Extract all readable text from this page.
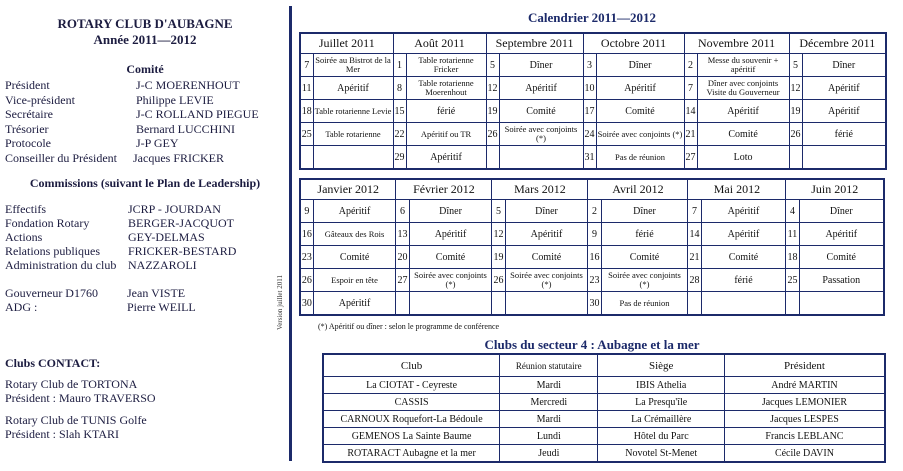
ROTARY CLUB D'AUBAGNE
Année 2011—2012
Comité
Président	J-C MOERENHOUT
Vice-président	Philippe LEVIE
Secrétaire	J-C ROLLAND PIEGUE
Trésorier	Bernard LUCCHINI
Protocole	J-P GEY
Conseiller du Président Jacques FRICKER
Commissions (suivant le Plan de Leadership)
Effectifs	JCRP - JOURDAN
Fondation Rotary	BERGER-JACQUOT
Actions	GEY-DELMAS
Relations publiques FRICKER-BESTARD
Administration du club NAZZAROLI
Gouverneur D1760 Jean VISTE
ADG :	Pierre WEILL
Clubs CONTACT:
Rotary Club de TORTONA
Président : Mauro TRAVERSO
Rotary Club de TUNIS Golfe
Président : Slah KTARI
Version juillet 2011
Calendrier 2011—2012
Juillet 2011		Août 2011		Septembre 2011		Octobre 2011		Novembre 2011		Décembre 2011	
7	Soirée au Bistrot de la Mer	1	Table rotarienne Fricker	5	Dîner	3	Dîner	2	Messe du souvenir + apéritif	5	Dîner
11	Apéritif	8	Table rotarienne Moerenhout	12	Apéritif	10	Apéritif	7	Dîner avec conjoints Visite du Gouverneur	12	Apéritif
18	Table rotarienne Levie	15	férié	19	Comité	17	Comité	14	Apéritif	19	Apéritif
25	Table rotarienne	22	Apéritif ou TR	26	Soirée avec conjoints (*)	24	Soirée avec conjoints (*)	21	Comité	26	férié
		29	Apéritif			31	Pas de réunion	27	Loto		
Janvier 2012		Février 2012		Mars 2012		Avril 2012		Mai 2012		Juin 2012	
9	Apéritif	6	Dîner	5	Dîner	2	Dîner	7	Apéritif	4	Dîner
16	Gâteaux des Rois	13	Apéritif	12	Apéritif	9	férié	14	Apéritif	11	Apéritif
23	Comité	20	Comité	19	Comité	16	Comité	21	Comité	18	Comité
26	Espoir en tête	27	Soirée avec conjoints (*)	26	Soirée avec conjoints (*)	23	Soirée avec conjoints (*)	28	férié	25	Passation
30	Apéritif					30	Pas de réunion				
(*) Apéritif ou dîner : selon le programme de conférence
Clubs du secteur 4 : Aubagne et la mer
Club	Réunion statutaire	Siège	Président
La CIOTAT - Ceyreste	Mardi	IBIS Athelia	André MARTIN
CASSIS	Mercredi	La Presqu'île	Jacques LEMONIER
CARNOUX Roquefort-La Bédoule	Mardi	La Crémaillère	Jacques LESPES
GEMENOS La Sainte Baume	Lundi	Hôtel du Parc	Francis LEBLANC
ROTARACT Aubagne et la mer	Jeudi	Novotel St-Menet	Cécile DAVIN
